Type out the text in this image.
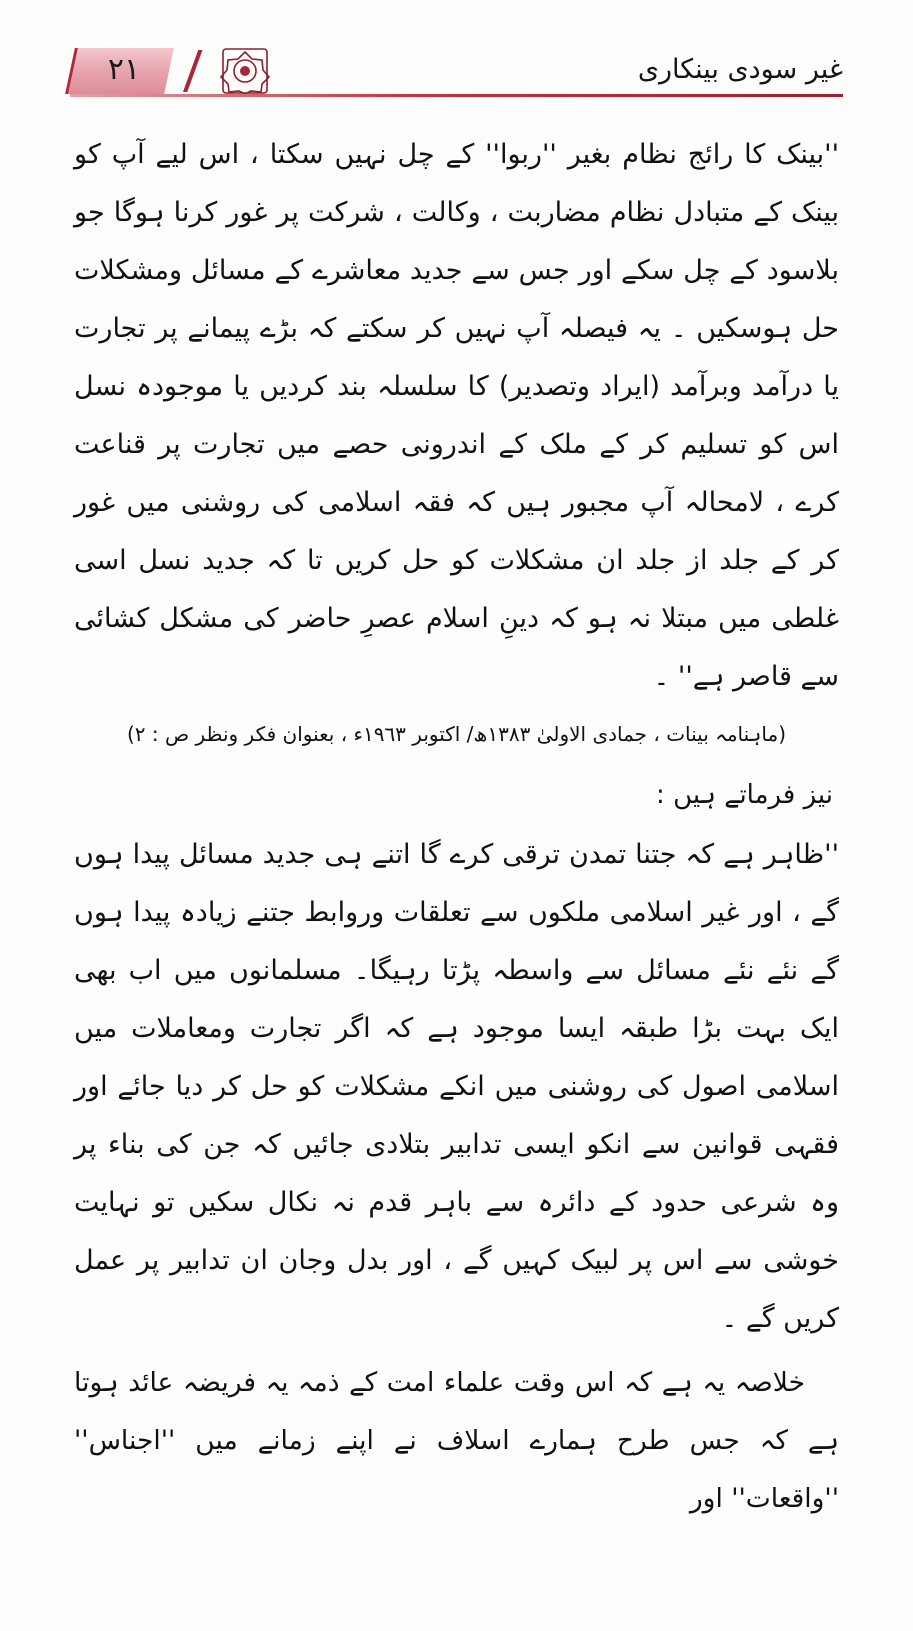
٢١	غیر سودی بینکاری

''بینک کا رائج نظام بغیر ''ربوا'' کے چل نہیں سکتا ، اس لیے آپ کو بینک کے متبادل نظام مضاربت ، وکالت ، شرکت پر غور کرنا ہوگا جو بلاسود کے چل سکے اور جس سے جدید معاشرے کے مسائل ومشکلات حل ہوسکیں ۔ یہ فیصلہ آپ نہیں کر سکتے کہ بڑے پیمانے پر تجارت یا درآمد وبرآمد (ایراد وتصدیر) کا سلسلہ بند کردیں یا موجودہ نسل اس کو تسلیم کر کے ملک کے اندرونی حصے میں تجارت پر قناعت کرے ، لامحالہ آپ مجبور ہیں کہ فقہ اسلامی کی روشنی میں غور کر کے جلد از جلد ان مشکلات کو حل کریں تا کہ جدید نسل اسی غلطی میں مبتلا نہ ہو کہ دینِ اسلام عصرِ حاضر کی مشکل کشائی سے قاصر ہے'' ۔

(ماہنامہ بینات ، جمادی الاولیٰ ١٣٨٣ھ/ اکتوبر ١٩٦٣ء ، بعنوان فکر ونظر ص : ٢)

نیز فرماتے ہیں :

''ظاہر ہے کہ جتنا تمدن ترقی کرے گا اتنے ہی جدید مسائل پیدا ہوں گے ، اور غیر اسلامی ملکوں سے تعلقات وروابط جتنے زیادہ پیدا ہوں گے نئے نئے مسائل سے واسطہ پڑتا رہیگا۔ مسلمانوں میں اب بھی ایک بہت بڑا طبقہ ایسا موجود ہے کہ اگر تجارت ومعاملات میں اسلامی اصول کی روشنی میں انکے مشکلات کو حل کر دیا جائے اور فقہی قوانین سے انکو ایسی تدابیر بتلادی جائیں کہ جن کی بناء پر وہ شرعی حدود کے دائرہ سے باہر قدم نہ نکال سکیں تو نہایت خوشی سے اس پر لبیک کہیں گے ، اور بدل وجان ان تدابیر پر عمل کریں گے ۔

خلاصہ یہ ہے کہ اس وقت علماء امت کے ذمہ یہ فریضہ عائد ہوتا ہے کہ جس طرح ہمارے اسلاف نے اپنے زمانے میں ''اجناس'' ''واقعات'' اور
